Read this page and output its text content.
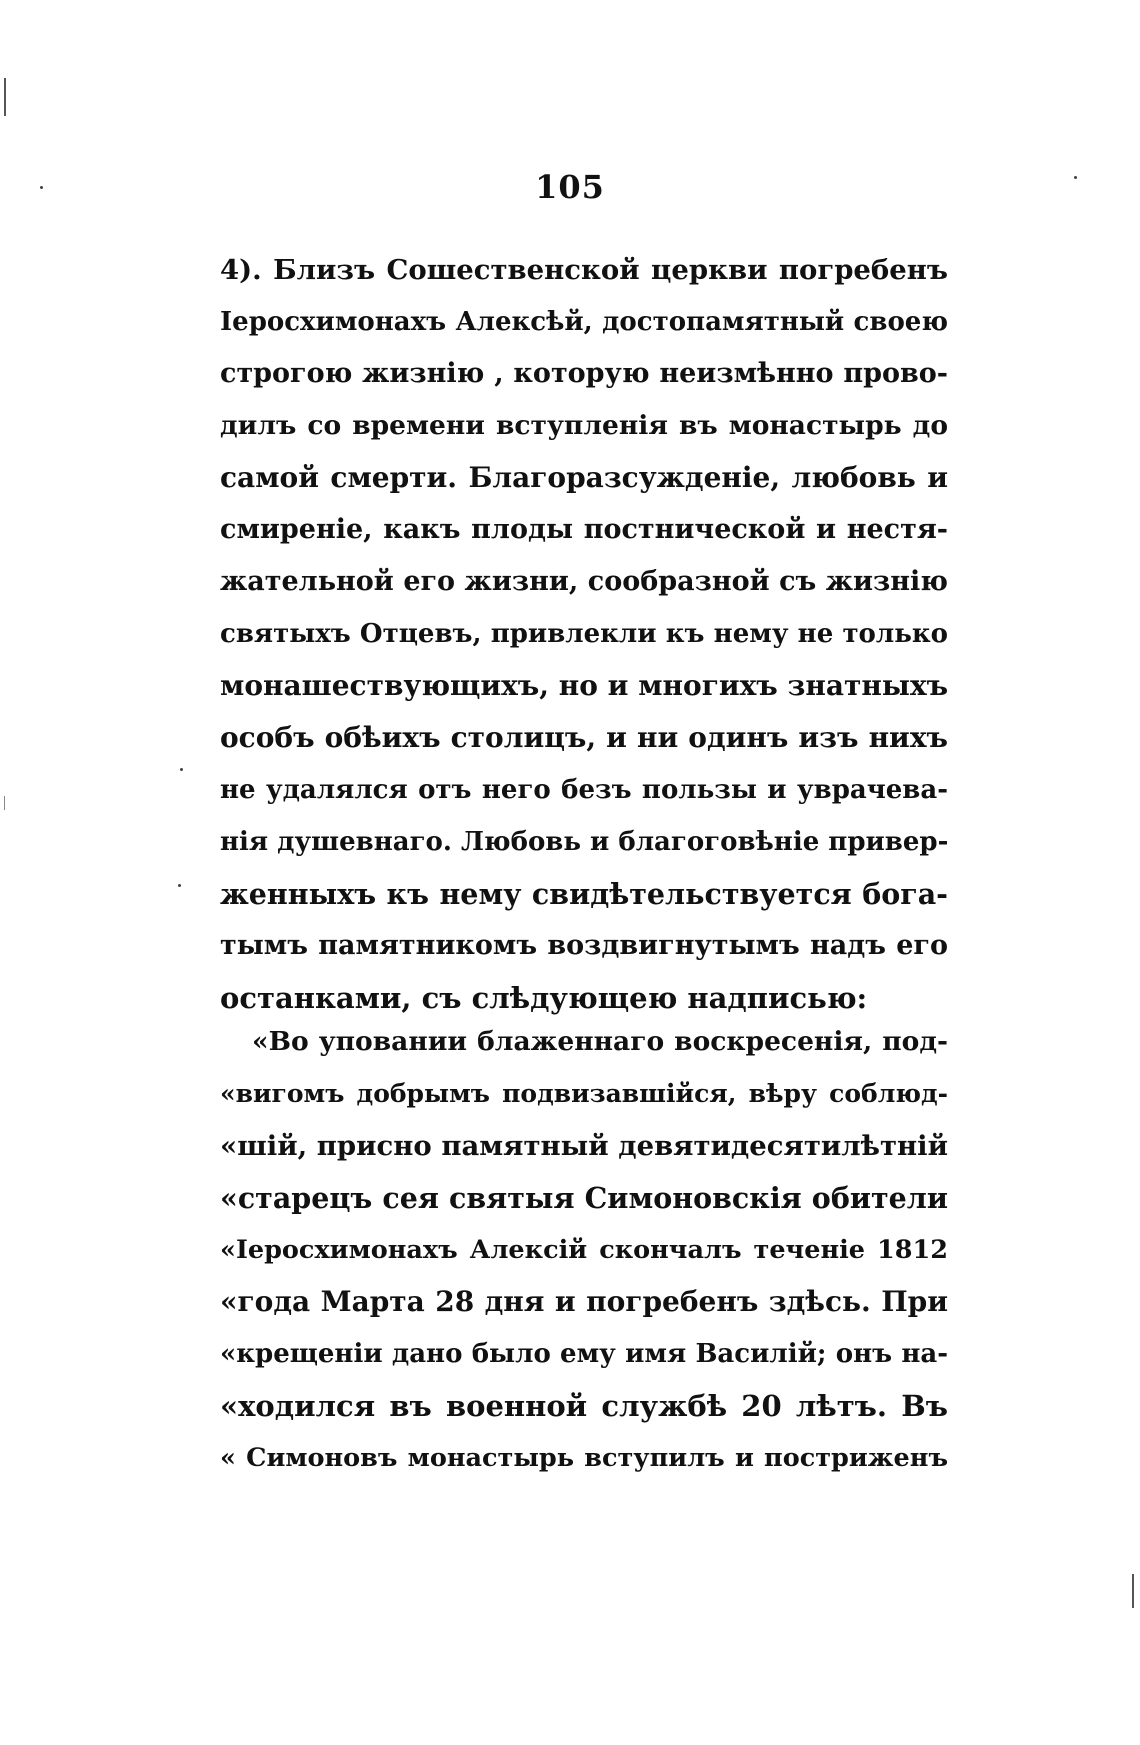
105
4). Близъ Сошественской церкви погребенъ
Іеросхимонахъ Алексѣй, достопамятный своею
строгою жизнію , которую неизмѣнно прово-
дилъ со времени вступленія въ монастырь до
самой смерти. Благоразсужденіе, любовь и
смиреніе, какъ плоды постнической и нестя-
жательной его жизни, сообразной съ жизнію
святыхъ Отцевъ, привлекли къ нему не только
монашествующихъ, но и многихъ знатныхъ
особъ обѣихъ столицъ, и ни одинъ изъ нихъ
не удалялся отъ него безъ пользы и уврачева-
нія душевнаго. Любовь и благоговѣніе привер-
женныхъ къ нему свидѣтельствуется бога-
тымъ памятникомъ воздвигнутымъ надъ его
останками, съ слѣдующею надписью:
«Во уповании блаженнаго воскресенія, под-
«вигомъ добрымъ подвизавшійся, вѣру соблюд-
«шій, присно памятный девятидесятилѣтній
«старецъ сея святыя Симоновскія обители
«Іеросхимонахъ Алексій скончалъ теченіе 1812
«года Марта 28 дня и погребенъ здѣсь. При
«крещеніи дано было ему имя Василій; онъ на-
«ходился въ военной службѣ 20 лѣтъ. Въ
« Симоновъ монастырь вступилъ и постриженъ
